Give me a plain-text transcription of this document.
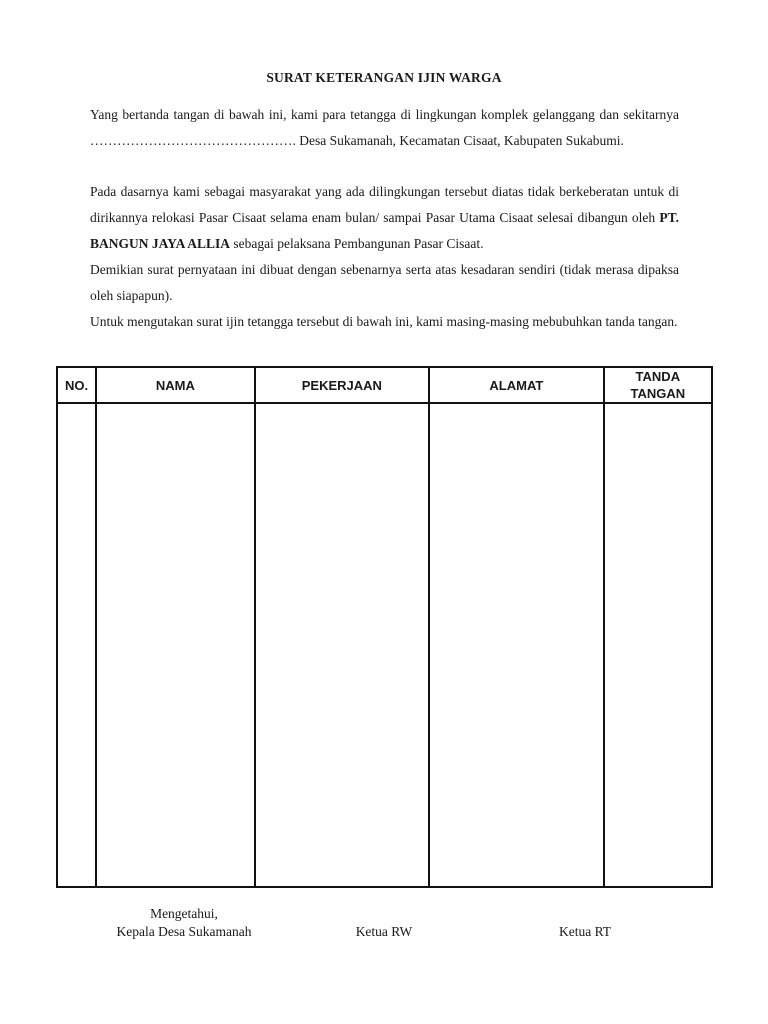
SURAT KETERANGAN IJIN WARGA

Yang bertanda tangan di bawah ini, kami para tetangga di lingkungan komplek gelanggang dan sekitarnya ………………………………………. Desa Sukamanah, Kecamatan Cisaat, Kabupaten Sukabumi.

Pada dasarnya kami sebagai masyarakat yang ada dilingkungan tersebut diatas tidak berkeberatan untuk di dirikannya relokasi Pasar Cisaat selama enam bulan/ sampai Pasar Utama Cisaat selesai dibangun oleh PT. BANGUN JAYA ALLIA sebagai pelaksana Pembangunan Pasar Cisaat.

Demikian surat pernyataan ini dibuat dengan sebenarnya serta atas kesadaran sendiri (tidak merasa dipaksa oleh siapapun).

Untuk mengutakan surat ijin tetangga tersebut di bawah ini, kami masing-masing mebubuhkan tanda tangan.

NO.	NAMA	PEKERJAAN	ALAMAT	TANDA
TANGAN

Mengetahui,
Kepala Desa Sukamanah	Ketua RW	Ketua RT
